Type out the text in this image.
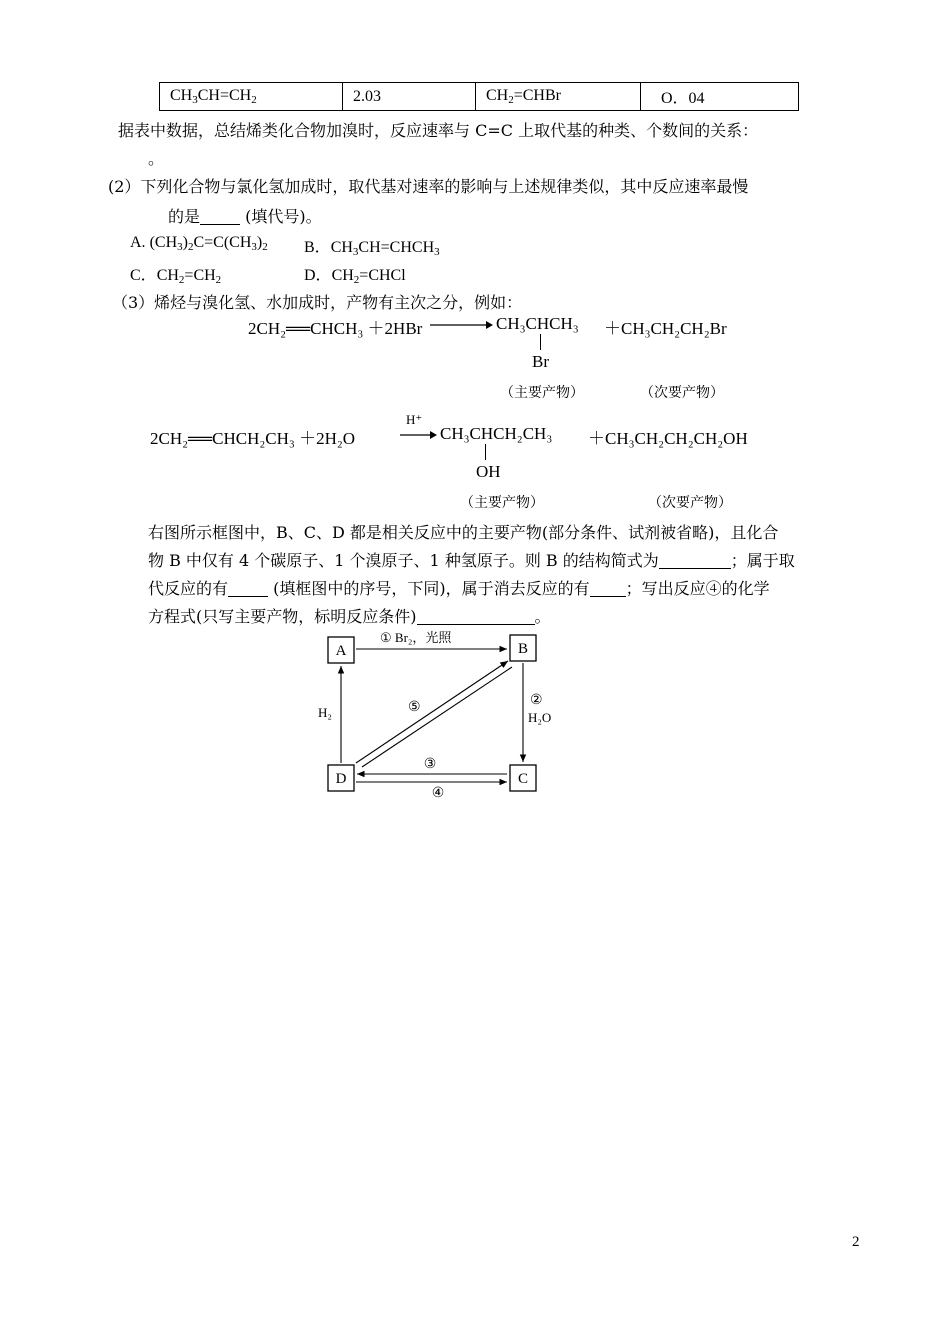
$CH_3CH=CH_2$	2.03	$CH_2=CHBr$	O．04
据表中数据，总结烯类化合物加溴时，反应速率与 C=C 上取代基的种类、个数间的关系：
。
(2）下列化合物与氯化氢加成时，取代基对速率的影响与上述规律类似，其中反应速率最慢
的是	(填代号)。
A. $(CH_3)_2C=C(CH_3)_2$ B．$CH_3CH=CHCH_3$
C．$CH_2=CH_2$	D．$CH_2=CHCl$
（3）烯烃与溴化氢、水加成时，产物有主次之分，例如：
2CH₂══CHCH₃ ＋2HBr	CH₃CHCH₃
Br
＋CH₃CH₂CH₂Br
（主要产物）	（次要产物）
2CH₂══CHCH₂CH₃ ＋2H₂O
H⁺
CH₃CHCH₂CH₃
OH
＋CH₃CH₂CH₂CH₂OH
（主要产物）	（次要产物）
右图所示框图中，B、C、D 都是相关反应中的主要产物(部分条件、试剂被省略)，且化合
物 B 中仅有 4 个碳原子、1 个溴原子、1 种氢原子。则 B 的结构简式为	；属于取
代反应的有	(填框图中的序号，下同)，属于消去反应的有 ；写出反应④的化学
方程式(只写主要产物，标明反应条件)	。
A	B
C
D
① Br₂，光照
②
H₂O
③
④
⑤
H₂
2
